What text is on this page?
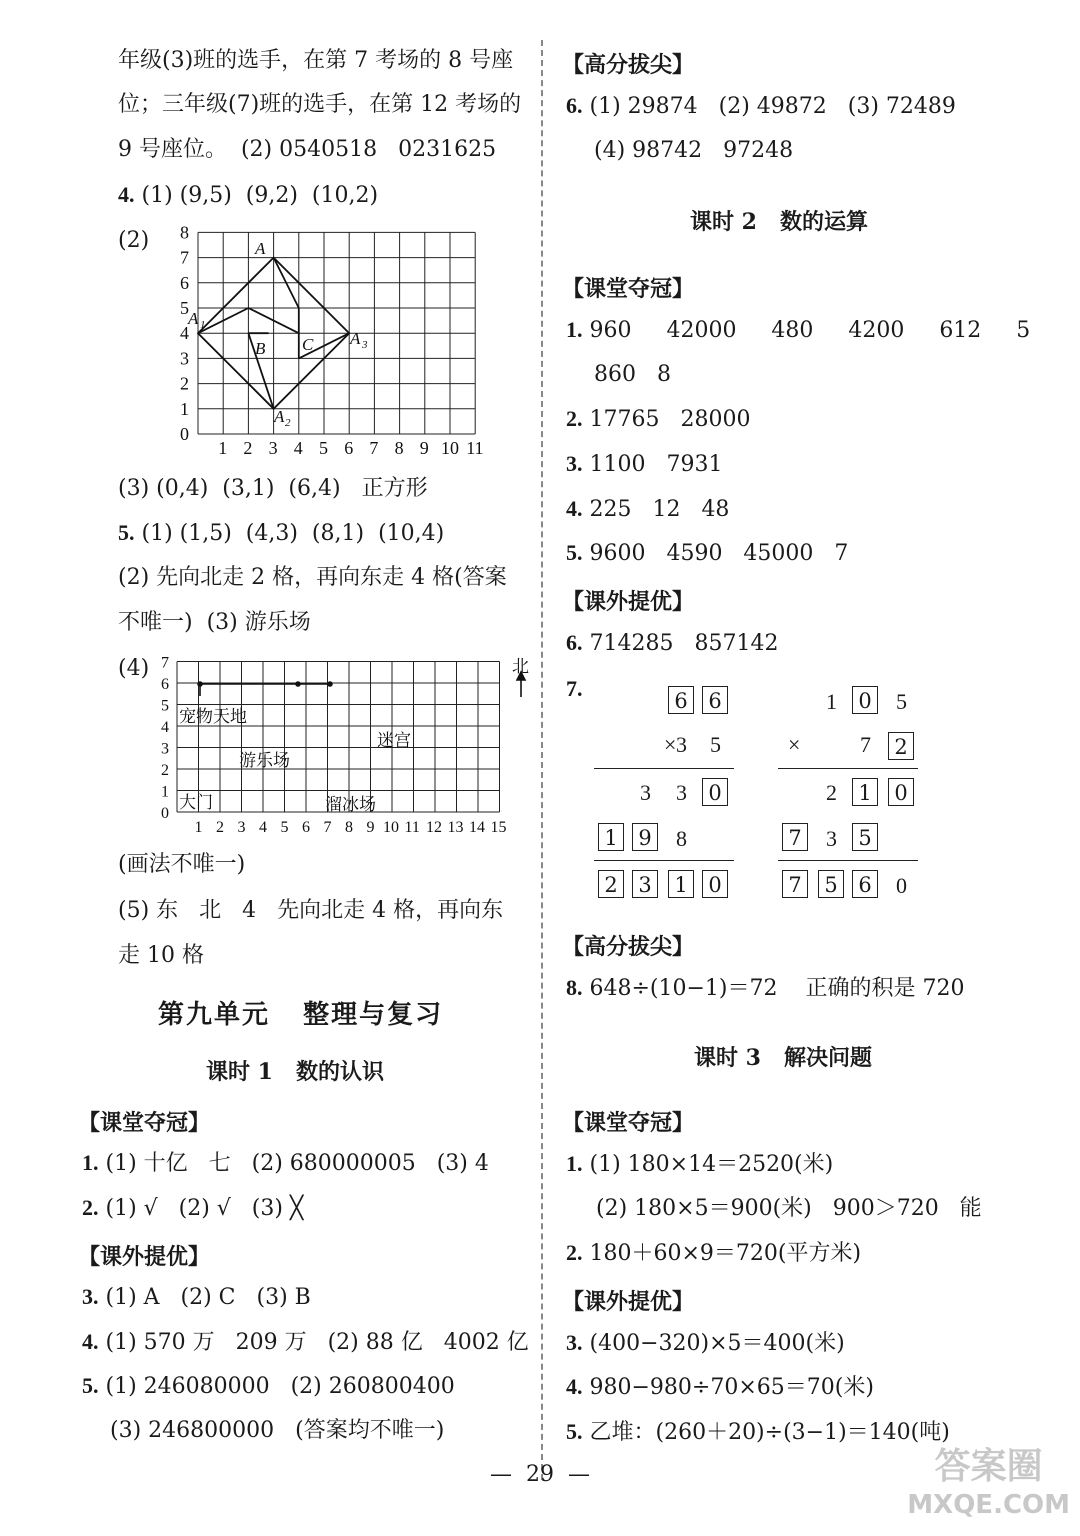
年级(3)班的选手，在第 7 考场的 8 号座
位；三年级(7)班的选手，在第 12 考场的
9 号座位。  (2) 0540518   0231625
4. (1) (9,5)  (9,2)  (10,2)
(2)
0
1
2
3
4
5
6
7
8
1 2 3 4 5 6 7 8 9 10 11
A
A 1
A 2
A 3
B C
(3) (0,4)  (3,1)  (6,4)   正方形
5. (1) (1,5)  (4,3)  (8,1)  (10,4)
(2) 先向北走 2 格，再向东走 4 格(答案
不唯一)  (3) 游乐场
(4)
0
1
2
3
4
5
6
7
1 2 3 4 5 6 7 8 9 10 11 12 13 14 15
宠物天地
迷宫
游乐场
大门	溜冰场
北
(画法不唯一)
(5) 东   北   4   先向北走 4 格，再向东
走 10 格
第九单元   整理与复习
课时 1   数的认识
【课堂夺冠】
1. (1) 十亿   七   (2) 680000005   (3) 4
2. (1) √   (2) √   (3) ╳
【课外提优】
3. (1) A   (2) C   (3) B
4. (1) 570 万   209 万   (2) 88 亿   4002 亿
5. (1) 246080000   (2) 260800400
(3) 246800000   (答案均不唯一)
【高分拔尖】
6. (1) 29874   (2) 49872   (3) 72489
(4) 98742   97248
课时 2   数的运算
【课堂夺冠】
1. 960     42000     480     4200     612     5
860   8
2. 17765   28000
3. 1100   7931
4. 225   12   48
5. 9600   4590   45000   7
【课外提优】
6. 714285   857142
7.	6 6
× 3 5
3 3	0
1 9 8
2 3	1 0
1	0 5
×	7	2
2	1	0
7 3	5
7	5 6 0
【高分拔尖】
8. 648÷(10−1)＝72    正确的积是 720
课时 3   解决问题
【课堂夺冠】
1. (1) 180×14＝2520(米)
(2) 180×5＝900(米)   900＞720   能
2. 180＋60×9＝720(平方米)
【课外提优】
3. (400−320)×5＝400(米)
4. 980−980÷70×65＝70(米)
5. 乙堆：(260＋20)÷(3−1)＝140(吨)
—  29  —	答案圈
MXQE.COM
